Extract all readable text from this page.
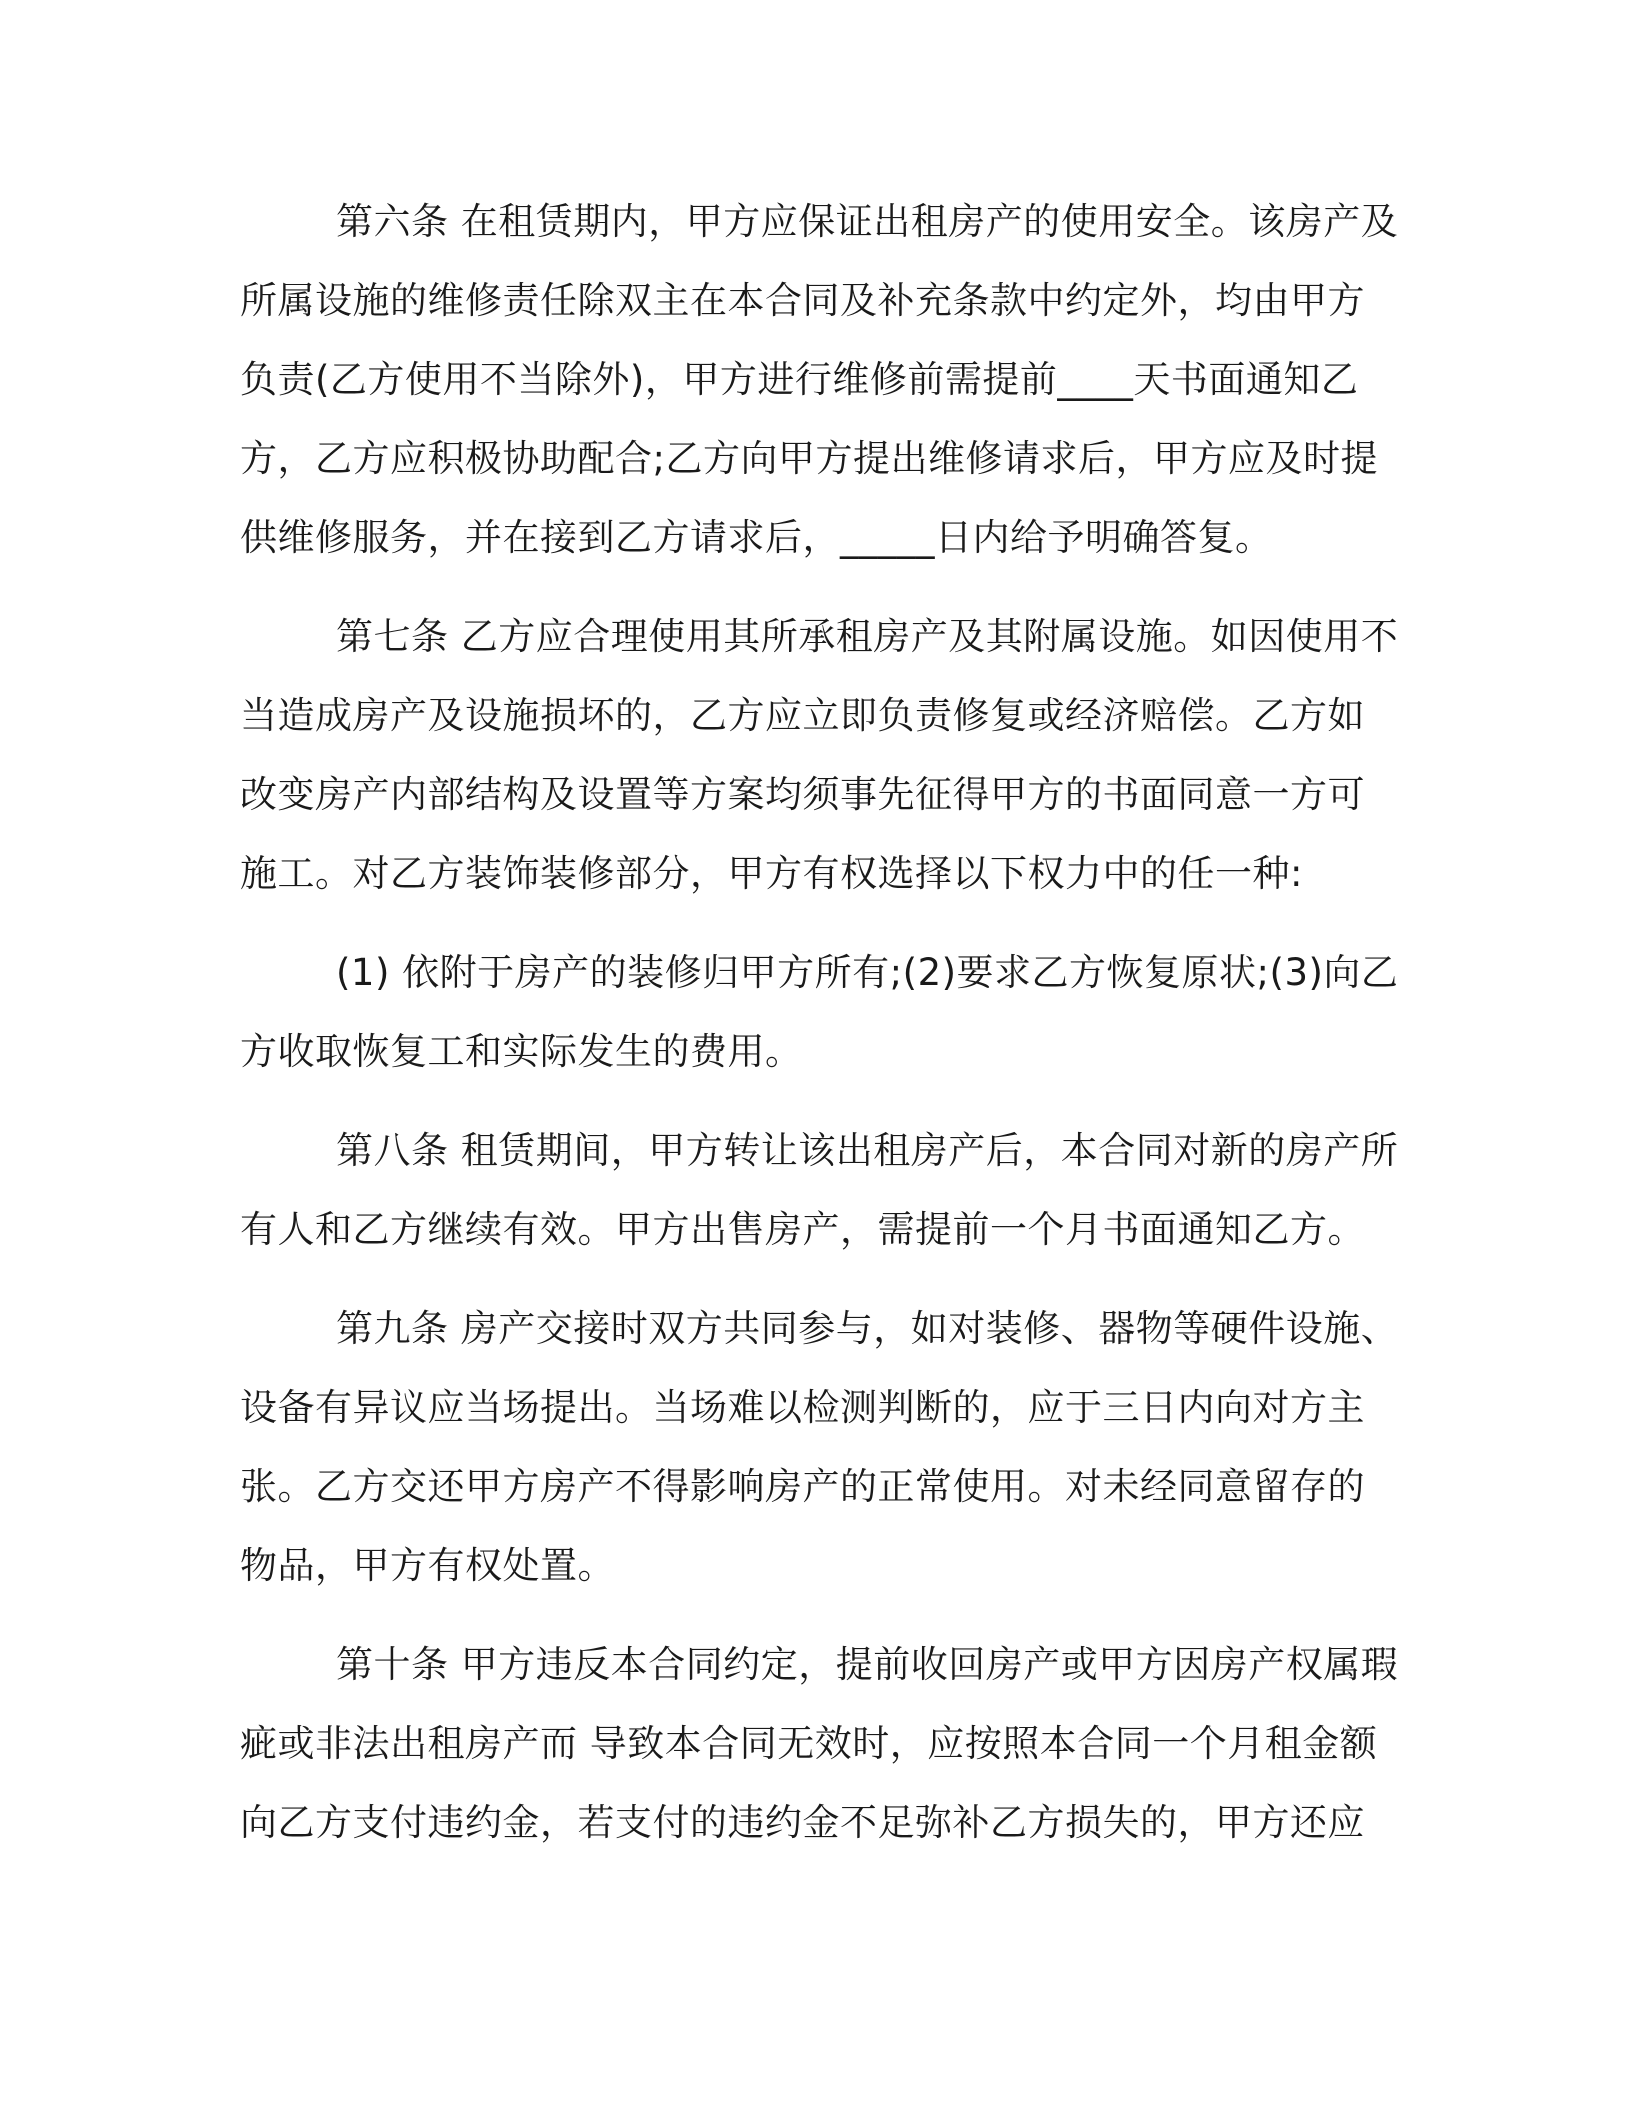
第六条 在租赁期内，甲方应保证出租房产的使用安全。该房产及
所属设施的维修责任除双主在本合同及补充条款中约定外，均由甲方
负责(乙方使用不当除外)，甲方进行维修前需提前____天书面通知乙
方，乙方应积极协助配合;乙方向甲方提出维修请求后，甲方应及时提
供维修服务，并在接到乙方请求后，_____日内给予明确答复。
第七条 乙方应合理使用其所承租房产及其附属设施。如因使用不
当造成房产及设施损坏的，乙方应立即负责修复或经济赔偿。乙方如
改变房产内部结构及设置等方案均须事先征得甲方的书面同意一方可
施工。对乙方装饰装修部分，甲方有权选择以下权力中的任一种:
(1) 依附于房产的装修归甲方所有;(2)要求乙方恢复原状;(3)向乙
方收取恢复工和实际发生的费用。
第八条 租赁期间，甲方转让该出租房产后，本合同对新的房产所
有人和乙方继续有效。甲方出售房产，需提前一个月书面通知乙方。
第九条 房产交接时双方共同参与，如对装修、器物等硬件设施、
设备有异议应当场提出。当场难以检测判断的，应于三日内向对方主
张。乙方交还甲方房产不得影响房产的正常使用。对未经同意留存的
物品，甲方有权处置。
第十条 甲方违反本合同约定，提前收回房产或甲方因房产权属瑕
疵或非法出租房产而 导致本合同无效时，应按照本合同一个月租金额
向乙方支付违约金，若支付的违约金不足弥补乙方损失的，甲方还应
